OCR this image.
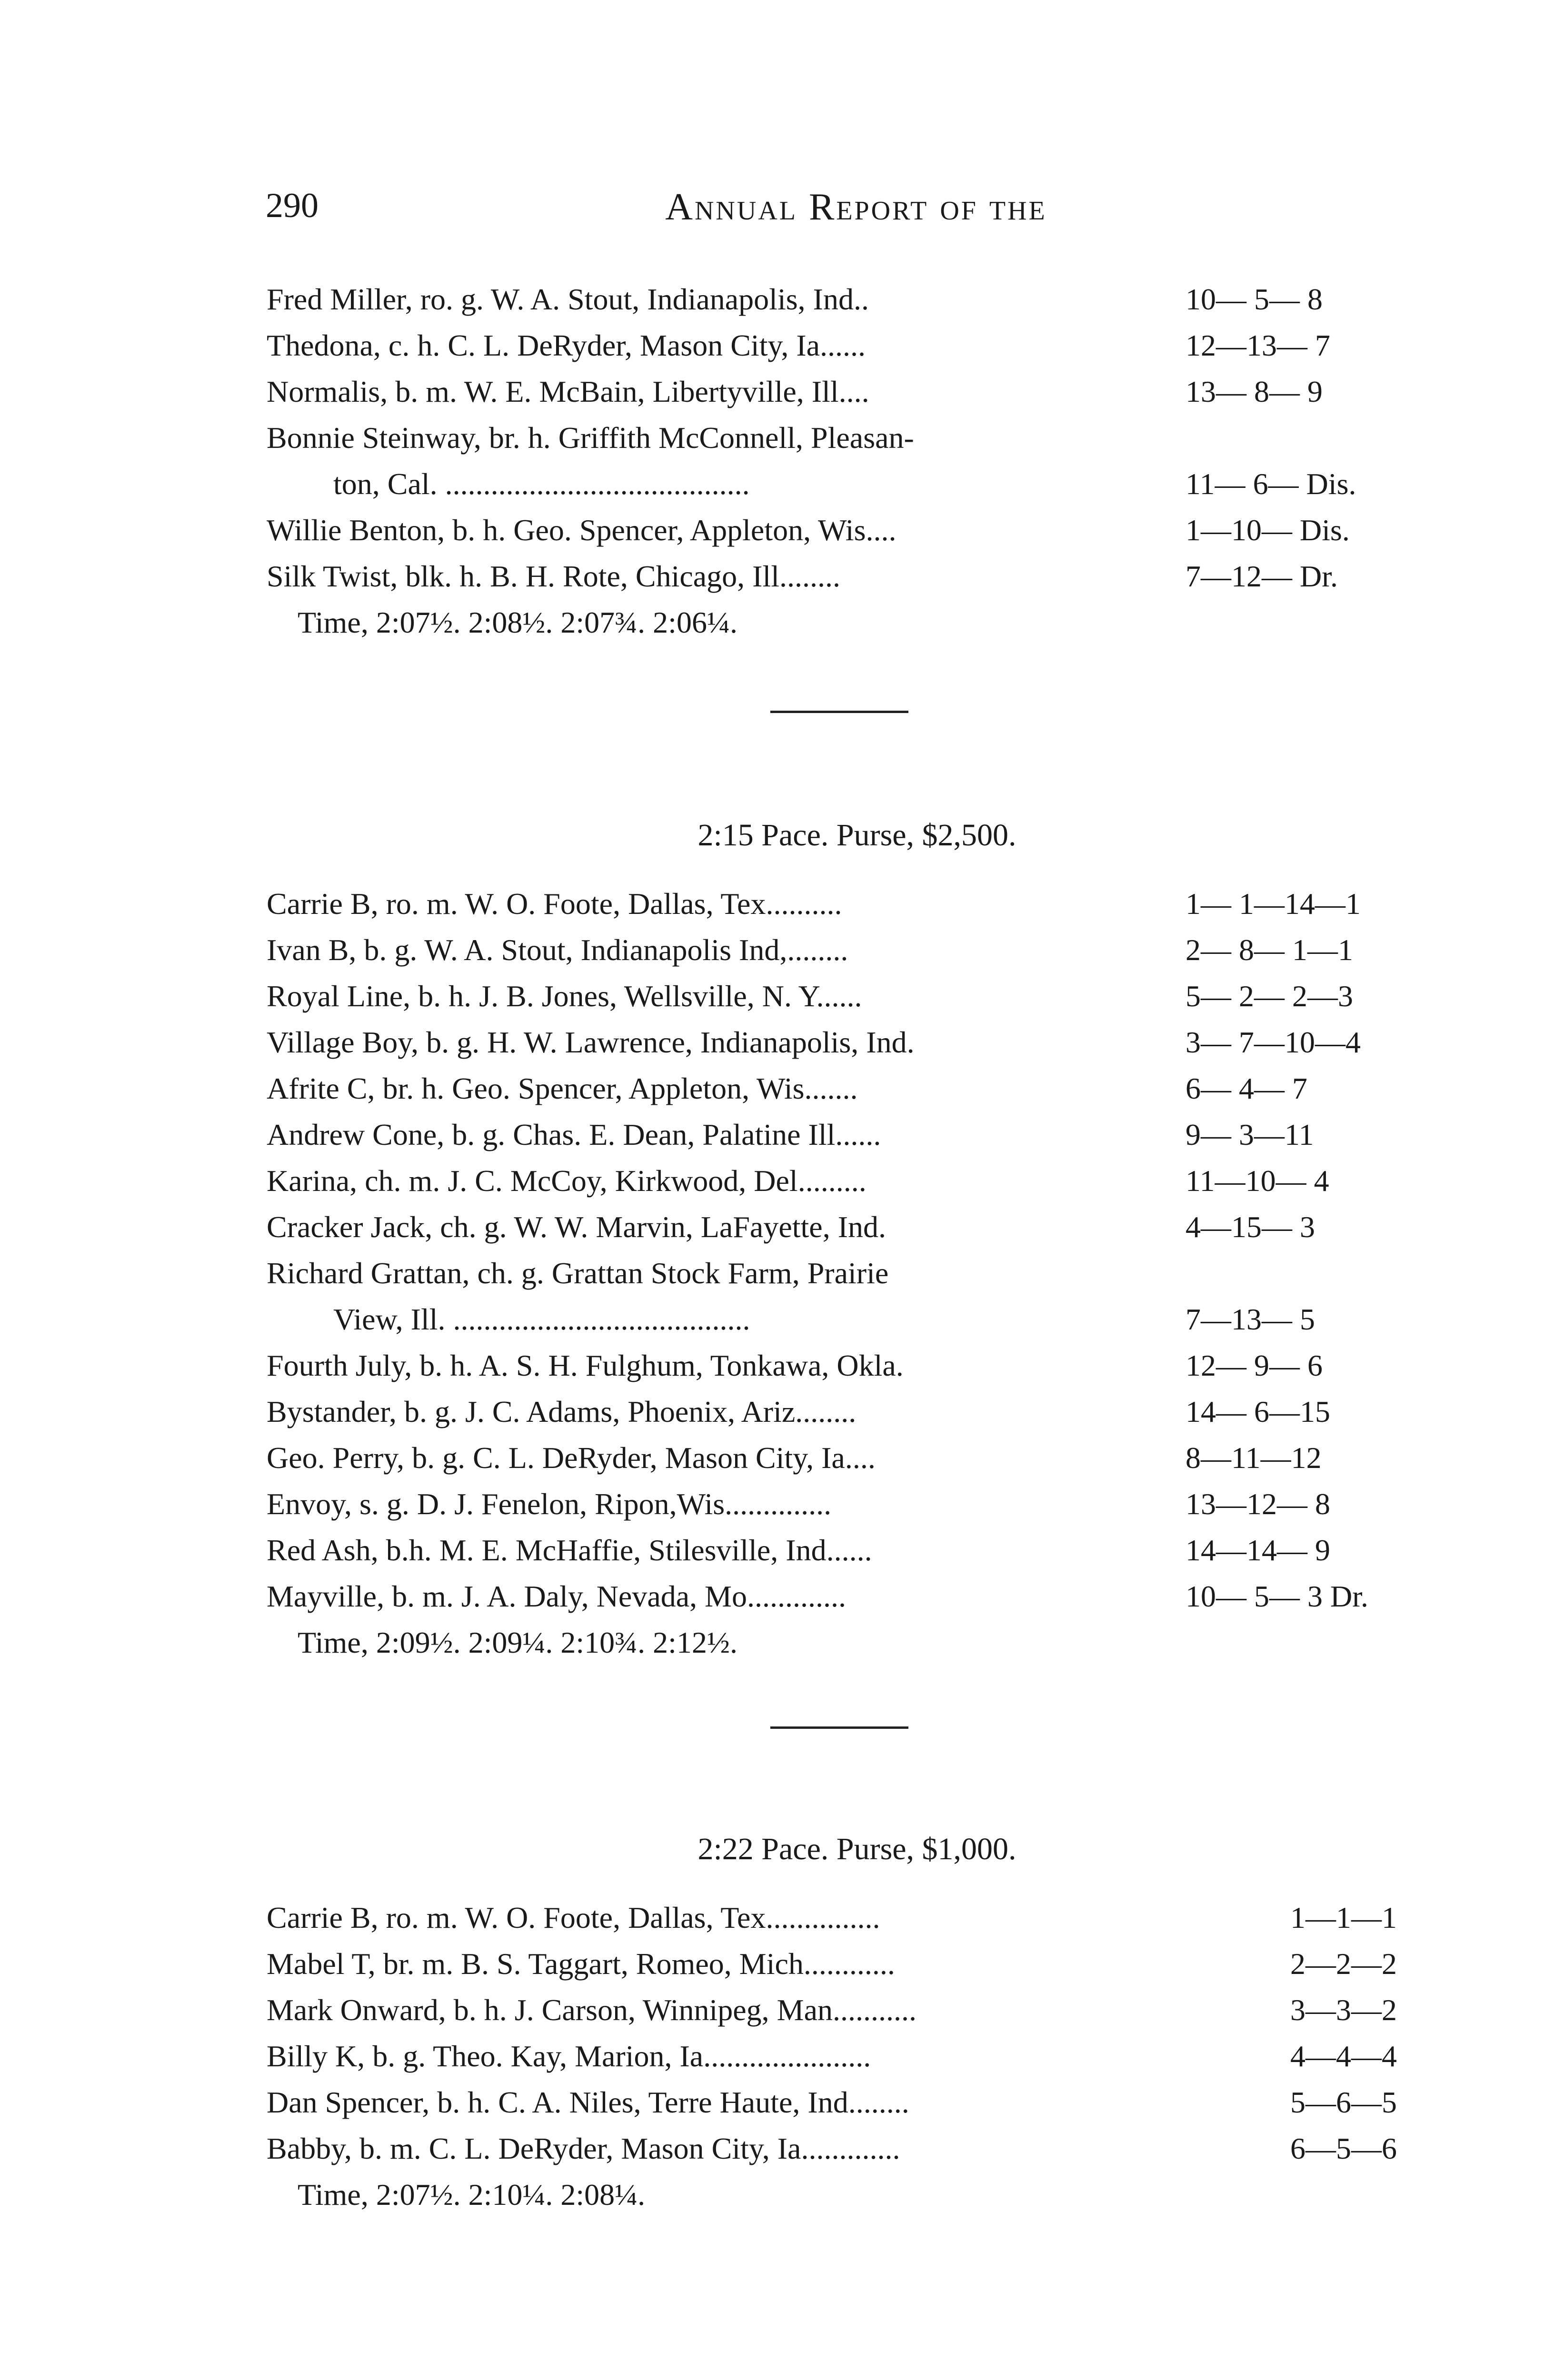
290	Annual Report of the
Fred Miller, ro. g. W. A. Stout, Indianapolis, Ind..	10— 5— 8
Thedona, c. h. C. L. DeRyder, Mason City, Ia......	12—13— 7
Normalis, b. m. W. E. McBain, Libertyville, Ill....	13— 8— 9
Bonnie Steinway, br. h. Griffith McConnell, Pleasan-
ton, Cal. ........................................	11— 6— Dis.
Willie Benton, b. h. Geo. Spencer, Appleton, Wis....	1—10— Dis.
Silk Twist, blk. h. B. H. Rote, Chicago, Ill........	7—12— Dr.
Time, 2:07½. 2:08½. 2:07¾. 2:06¼.
2:15 Pace. Purse, $2,500.
Carrie B, ro. m. W. O. Foote, Dallas, Tex..........	1— 1—14—1
Ivan B, b. g. W. A. Stout, Indianapolis Ind,........	2— 8— 1—1
Royal Line, b. h. J. B. Jones, Wellsville, N. Y......	5— 2— 2—3
Village Boy, b. g. H. W. Lawrence, Indianapolis, Ind.	3— 7—10—4
Afrite C, br. h. Geo. Spencer, Appleton, Wis.......	6— 4— 7
Andrew Cone, b. g. Chas. E. Dean, Palatine Ill......	9— 3—11
Karina, ch. m. J. C. McCoy, Kirkwood, Del.........	11—10— 4
Cracker Jack, ch. g. W. W. Marvin, LaFayette, Ind.	4—15— 3
Richard Grattan, ch. g. Grattan Stock Farm, Prairie
View, Ill. .......................................	7—13— 5
Fourth July, b. h. A. S. H. Fulghum, Tonkawa, Okla.	12— 9— 6
Bystander, b. g. J. C. Adams, Phoenix, Ariz........	14— 6—15
Geo. Perry, b. g. C. L. DeRyder, Mason City, Ia....	8—11—12
Envoy, s. g. D. J. Fenelon, Ripon,Wis..............	13—12— 8
Red Ash, b.h. M. E. McHaffie, Stilesville, Ind......	14—14— 9
Mayville, b. m. J. A. Daly, Nevada, Mo.............	10— 5— 3 Dr.
Time, 2:09½. 2:09¼. 2:10¾. 2:12½.
2:22 Pace. Purse, $1,000.
Carrie B, ro. m. W. O. Foote, Dallas, Tex...............	1—1—1
Mabel T, br. m. B. S. Taggart, Romeo, Mich............	2—2—2
Mark Onward, b. h. J. Carson, Winnipeg, Man...........	3—3—2
Billy K, b. g. Theo. Kay, Marion, Ia......................	4—4—4
Dan Spencer, b. h. C. A. Niles, Terre Haute, Ind........	5—6—5
Babby, b. m. C. L. DeRyder, Mason City, Ia.............	6—5—6
Time, 2:07½. 2:10¼. 2:08¼.
